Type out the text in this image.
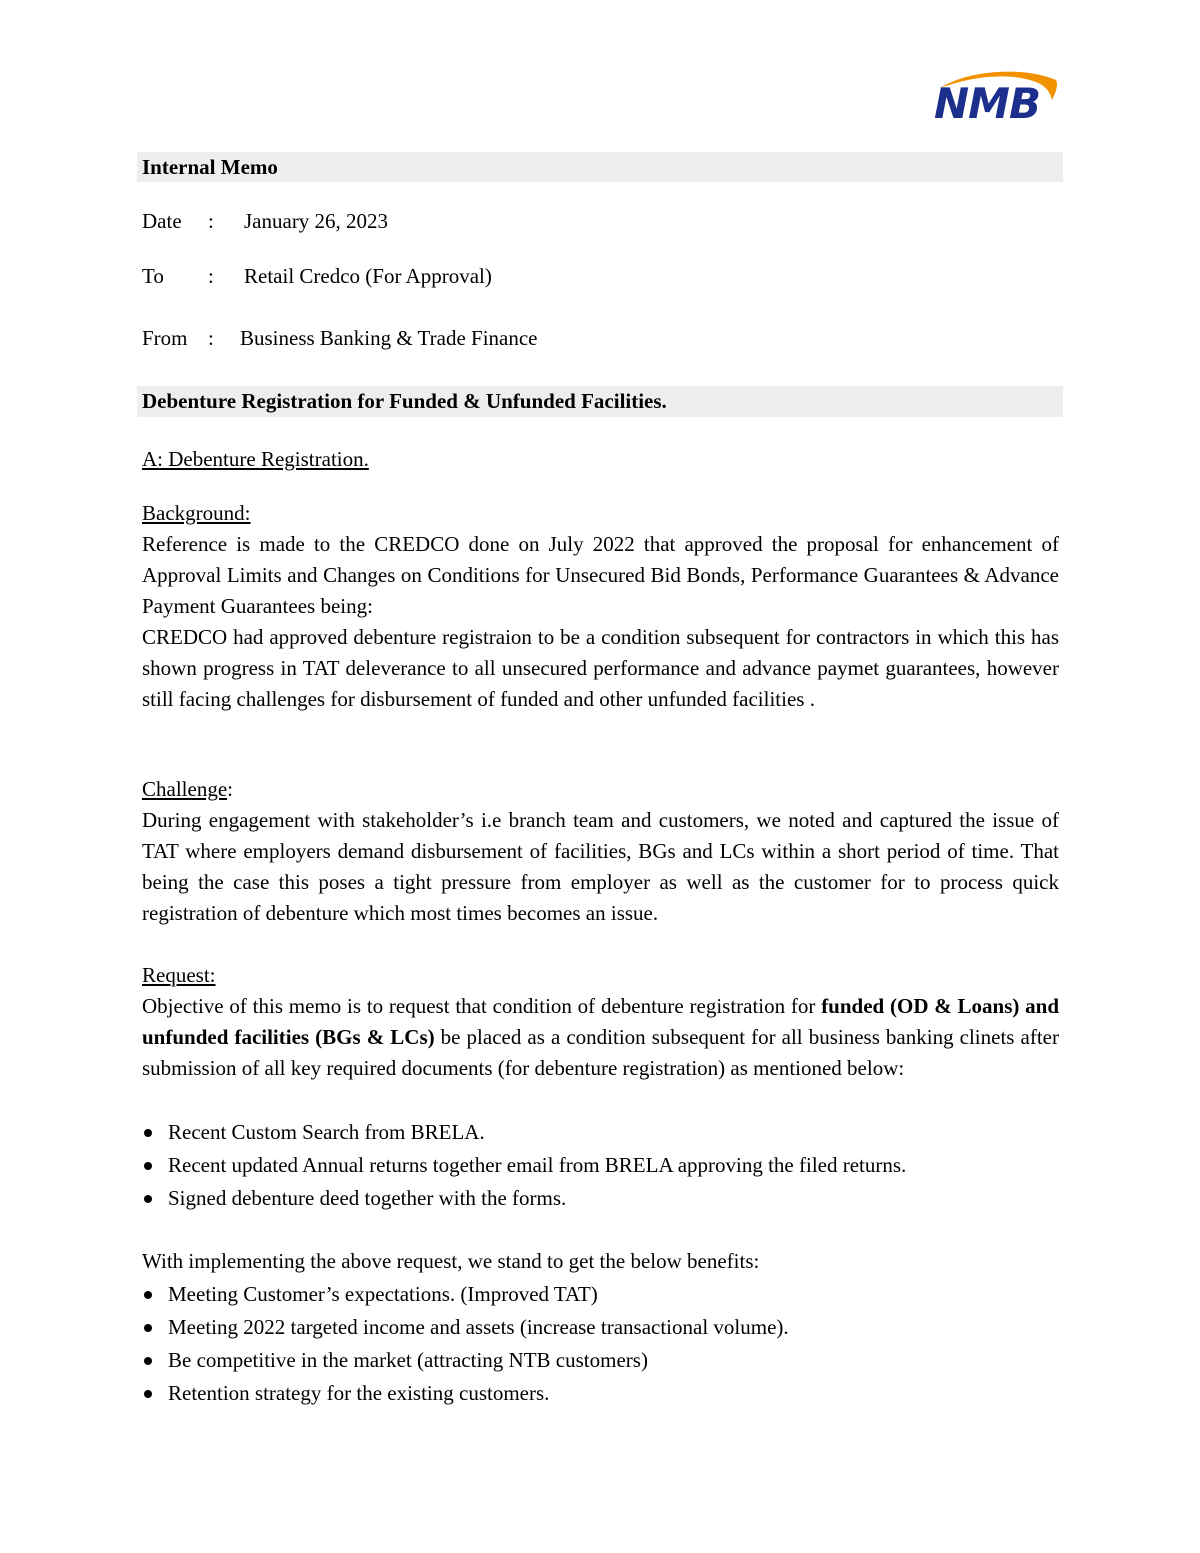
NMB
Internal Memo
Date : January 26, 2023
To : Retail Credco (For Approval)
From : Business Banking & Trade Finance
Debenture Registration for Funded & Unfunded Facilities.
A: Debenture Registration.

Background:

Reference is made to the CREDCO done on July 2022 that approved the proposal for enhancement of Approval Limits and Changes on Conditions for Unsecured Bid Bonds, Performance Guarantees & Advance Payment Guarantees being:

CREDCO had approved debenture registraion to be a condition subsequent for contractors in which this has shown progress in TAT deleverance to all unsecured performance and advance paymet guarantees, however still facing challenges for disbursement of funded and other unfunded facilities .

Challenge:

During engagement with stakeholder’s i.e branch team and customers, we noted and captured the issue of TAT where employers demand disbursement of facilities, BGs and LCs within a short period of time. That being the case this poses a tight pressure from employer as well as the customer for to process quick registration of debenture which most times becomes an issue.

Request:

Objective of this memo is to request that condition of debenture registration for funded (OD & Loans) and unfunded facilities (BGs & LCs) be placed as a condition subsequent for all business banking clinets after submission of all key required documents (for debenture registration) as mentioned below:

Recent Custom Search from BRELA.
Recent updated Annual returns together email from BRELA approving the filed returns.
Signed debenture deed together with the forms.

With implementing the above request, we stand to get the below benefits:

Meeting Customer’s expectations. (Improved TAT)
Meeting 2022 targeted income and assets (increase transactional volume).
Be competitive in the market (attracting NTB customers)
Retention strategy for the existing customers.
